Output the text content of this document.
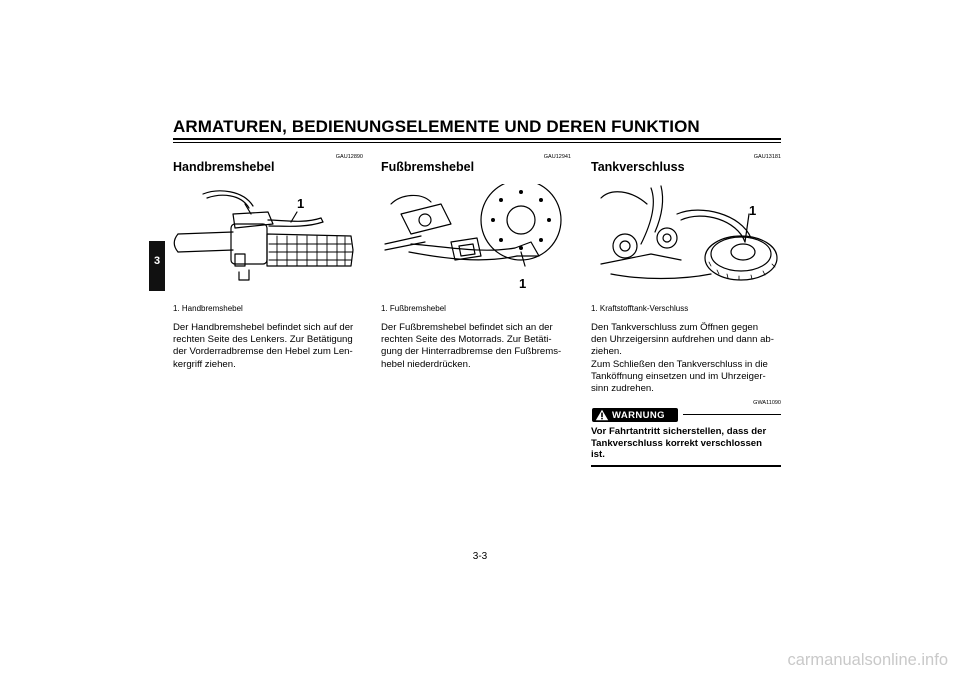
ARMATUREN, BEDIENUNGSELEMENTE UND DEREN FUNKTION
3
GAU12890
Handbremshebel
1
1. Handbremshebel

Der Handbremshebel befindet sich auf der

rechten Seite des Lenkers. Zur Betätigung

der Vorderradbremse den Hebel zum Len-

kergriff ziehen.

GAU12941
Fußbremshebel
1
1. Fußbremshebel

Der Fußbremshebel befindet sich an der

rechten Seite des Motorrads. Zur Betäti-

gung der Hinterradbremse den Fußbrems-

hebel niederdrücken.

GAU13181
Tankverschluss
1
1. Kraftstofftank-Verschluss

Den Tankverschluss zum Öffnen gegen

den Uhrzeigersinn aufdrehen und dann ab-

ziehen.

Zum Schließen den Tankverschluss in die

Tanköffnung einsetzen und im Uhrzeiger-

sinn zudrehen.

GWA11090
WARNUNG

Vor Fahrtantritt sicherstellen, dass der

Tankverschluss korrekt verschlossen

ist.

3-3
carmanualsonline.info
